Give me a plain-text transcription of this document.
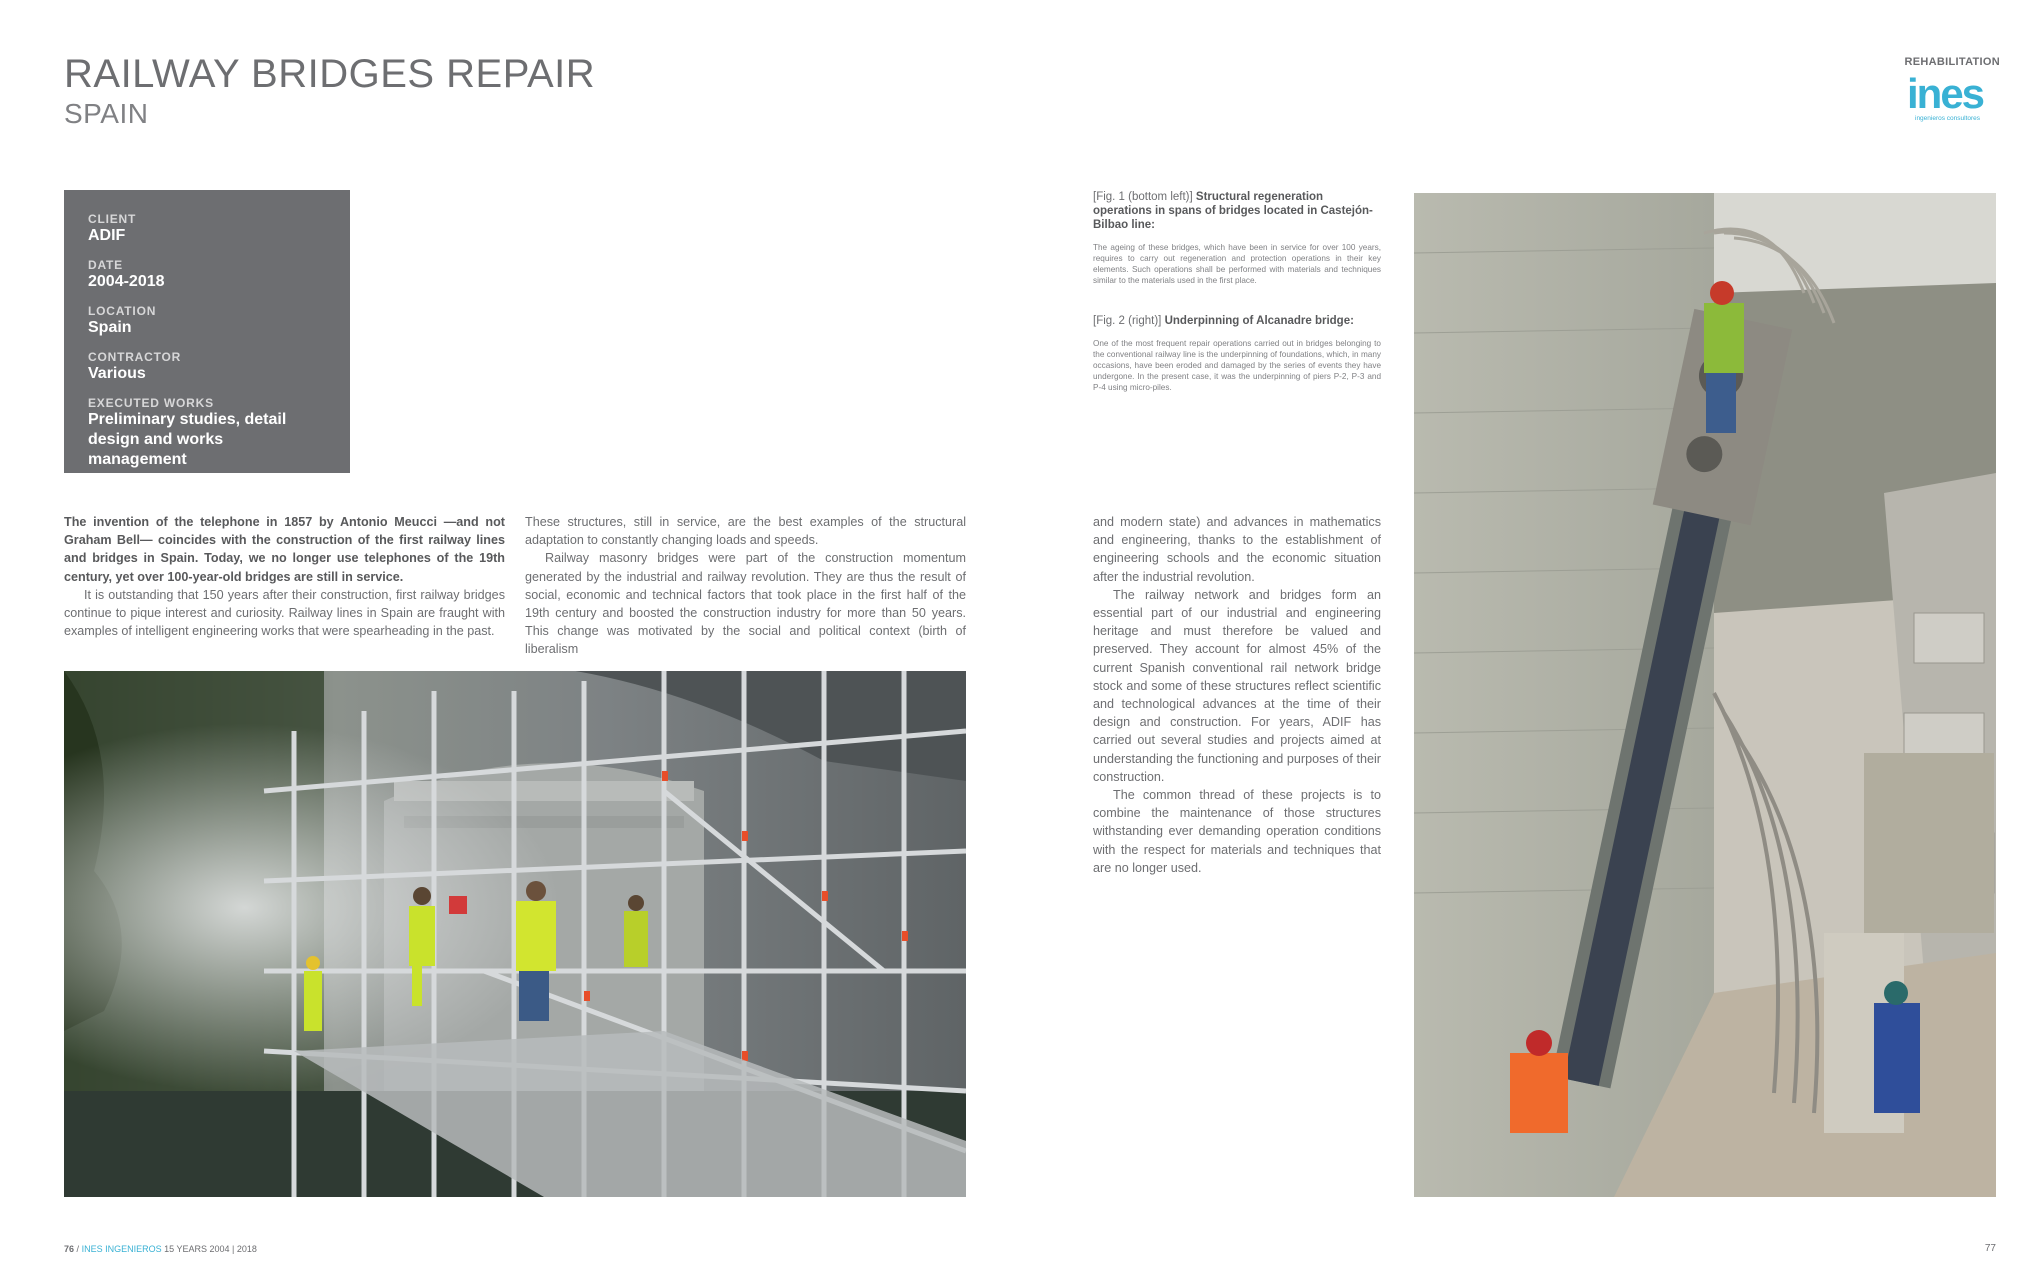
RAILWAY BRIDGES REPAIR
SPAIN
REHABILITATION
ines
ingenieros consultores
CLIENT
ADIF
DATE
2004-2018
LOCATION
Spain
CONTRACTOR
Various
EXECUTED WORKS
Preliminary studies, detail design and works management
[Fig. 1 (bottom left)] Structural regeneration operations in spans of bridges located in Castejón-Bilbao line:
The ageing of these bridges, which have been in service for over 100 years, requires to carry out regeneration and protection operations in their key elements. Such operations shall be performed with materials and techniques similar to the materials used in the first place.
[Fig. 2 (right)] Underpinning of Alcanadre bridge:
One of the most frequent repair operations carried out in bridges belonging to the conventional railway line is the underpinning of foundations, which, in many occasions, have been eroded and damaged by the series of events they have undergone. In the present case, it was the underpinning of piers P-2, P-3 and P-4 using micro-piles.

The invention of the telephone in 1857 by Antonio Meucci —and not Graham Bell— coincides with the construction of the first railway lines and bridges in Spain. Today, we no longer use telephones of the 19th century, yet over 100-year-old bridges are still in service.

It is outstanding that 150 years after their construction, first railway bridges continue to pique interest and curiosity. Railway lines in Spain are fraught with examples of intelligent engineering works that were spearheading in the past.

These structures, still in service, are the best examples of the structural adaptation to constantly changing loads and speeds.

Railway masonry bridges were part of the construction momentum generated by the industrial and railway revolution. They are thus the result of social, economic and technical factors that took place in the first half of the 19th century and boosted the construction industry for more than 50 years. This change was motivated by the social and political context (birth of liberalism

and modern state) and advances in mathematics and engineering, thanks to the establishment of engineering schools and the economic situation after the industrial revolution.

The railway network and bridges form an essential part of our industrial and engineering heritage and must therefore be valued and preserved. They account for almost 45% of the current Spanish conventional rail network bridge stock and some of these structures reflect scientific and technological advances at the time of their design and construction. For years, ADIF has carried out several studies and projects aimed at understanding the functioning and purposes of their construction.

The common thread of these projects is to combine the maintenance of those structures withstanding ever demanding operation conditions with the respect for materials and techniques that are no longer used.

76 / INES INGENIEROS 15 YEARS 2004 | 2018	77
